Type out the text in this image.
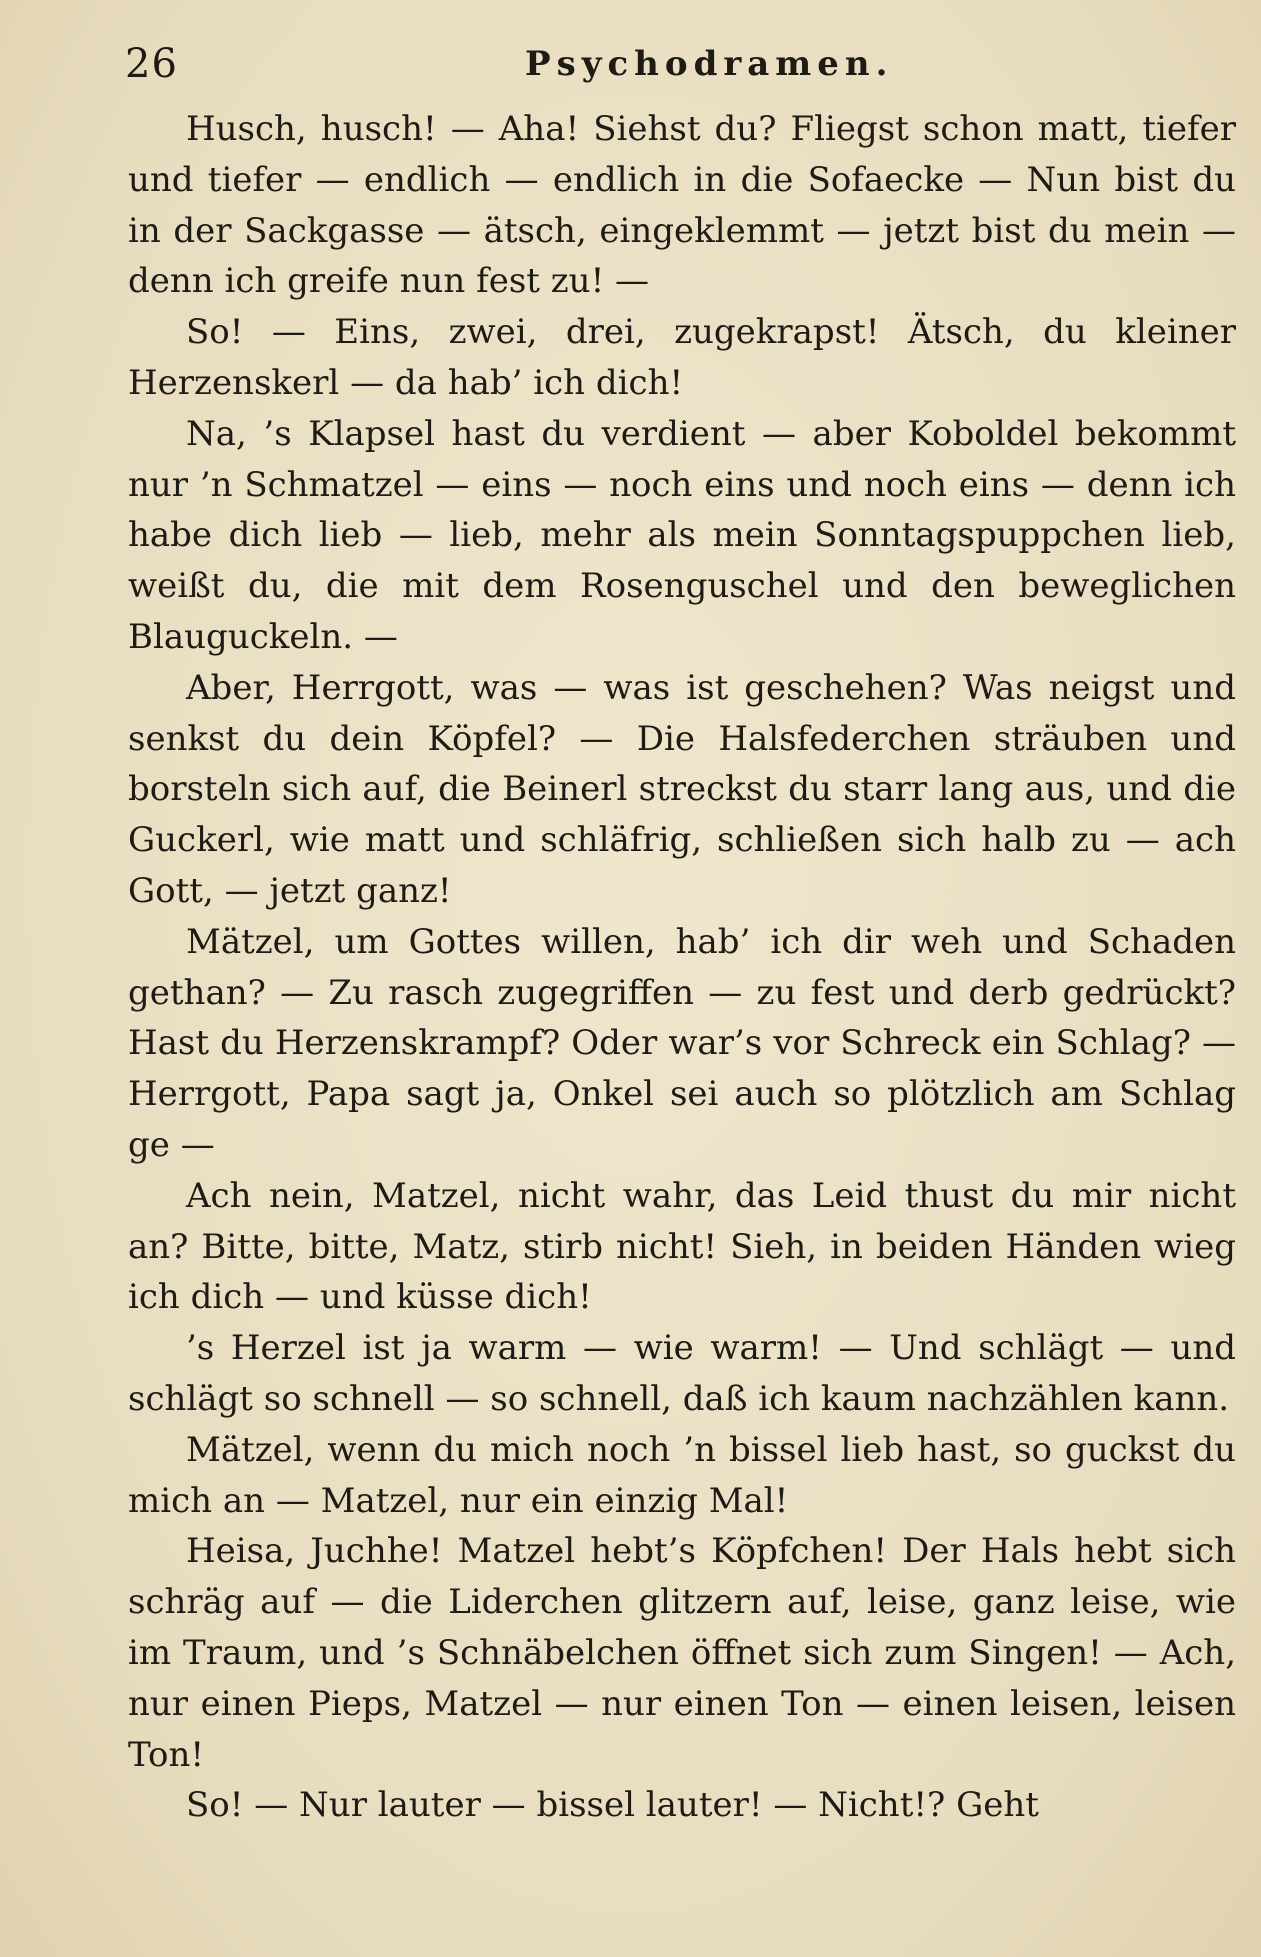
26	Psychodramen.

Husch, husch! — Aha! Siehst du? Fliegst schon matt, tiefer und tiefer — endlich — endlich in die Sofaecke — Nun bist du in der Sackgasse — ätsch, eingeklemmt — jetzt bist du mein — denn ich greife nun fest zu! —

So! — Eins, zwei, drei, zugekrapst! Ätsch, du kleiner Herzenskerl — da hab’ ich dich!

Na, ’s Klapsel hast du verdient — aber Koboldel bekommt nur ’n Schmatzel — eins — noch eins und noch eins — denn ich habe dich lieb — lieb, mehr als mein Sonntagspuppchen lieb, weißt du, die mit dem Rosenguschel und den beweglichen Blauguckeln. —

Aber, Herrgott, was — was ist geschehen? Was neigst und senkst du dein Köpfel? — Die Halsfederchen sträuben und borsteln sich auf, die Beinerl streckst du starr lang aus, und die Guckerl, wie matt und schläfrig, schließen sich halb zu — ach Gott, — jetzt ganz!

Mätzel, um Gottes willen, hab’ ich dir weh und Schaden gethan? — Zu rasch zugegriffen — zu fest und derb gedrückt? Hast du Herzenskrampf? Oder war’s vor Schreck ein Schlag? — Herrgott, Papa sagt ja, Onkel sei auch so plötzlich am Schlag ge —

Ach nein, Matzel, nicht wahr, das Leid thust du mir nicht an? Bitte, bitte, Matz, stirb nicht! Sieh, in beiden Händen wieg ich dich — und küsse dich!

’s Herzel ist ja warm — wie warm! — Und schlägt — und schlägt so schnell — so schnell, daß ich kaum nachzählen kann.

Mätzel, wenn du mich noch ’n bissel lieb hast, so guckst du mich an — Matzel, nur ein einzig Mal!

Heisa, Juchhe! Matzel hebt’s Köpfchen! Der Hals hebt sich schräg auf — die Liderchen glitzern auf, leise, ganz leise, wie im Traum, und ’s Schnäbelchen öffnet sich zum Singen! — Ach, nur einen Pieps, Matzel — nur einen Ton — einen leisen, leisen Ton!

So! — Nur lauter — bissel lauter! — Nicht!? Geht
